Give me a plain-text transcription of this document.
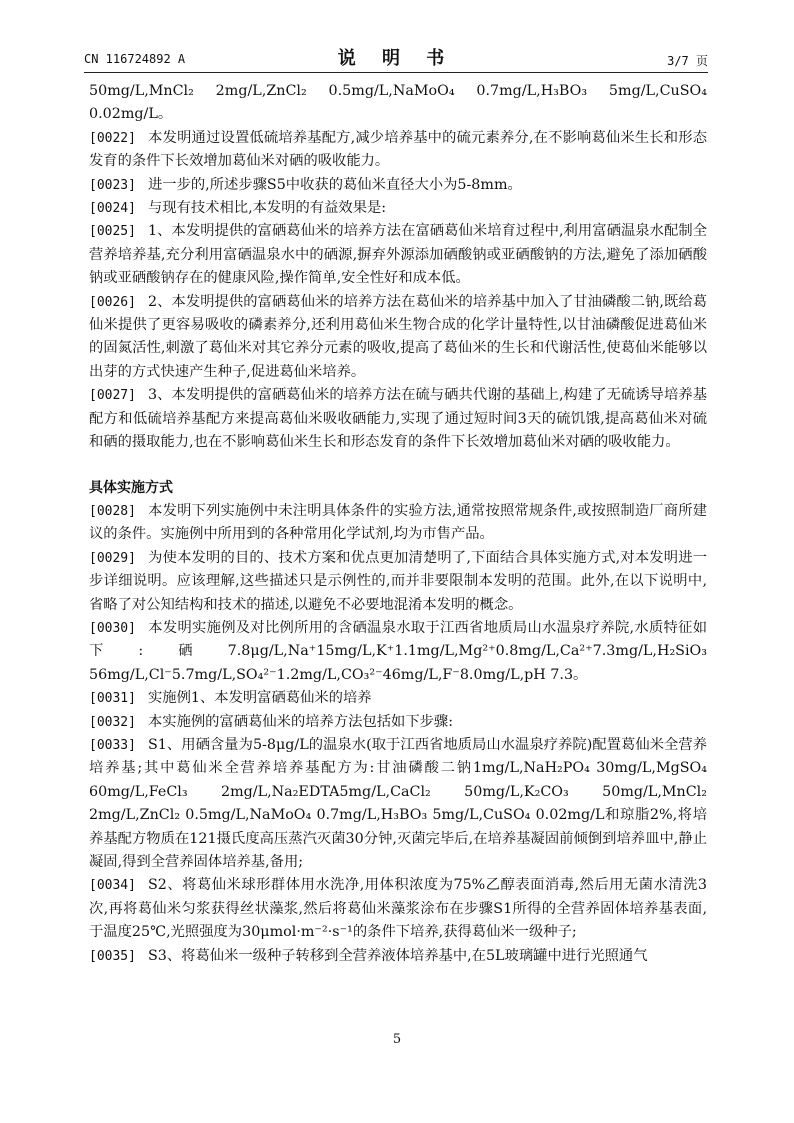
CN 116724892 A	说 明 书	3/7 页

50mg/L,MnCl₂ 2mg/L,ZnCl₂ 0.5mg/L,NaMoO₄ 0.7mg/L,H₃BO₃ 5mg/L,CuSO₄ 0.02mg/L。

[0022] 本发明通过设置低硫培养基配方,减少培养基中的硫元素养分,在不影响葛仙米生长和形态发育的条件下长效增加葛仙米对硒的吸收能力。

[0023] 进一步的,所述步骤S5中收获的葛仙米直径大小为5-8mm。

[0024] 与现有技术相比,本发明的有益效果是:

[0025] 1、本发明提供的富硒葛仙米的培养方法在富硒葛仙米培育过程中,利用富硒温泉水配制全营养培养基,充分利用富硒温泉水中的硒源,摒弃外源添加硒酸钠或亚硒酸钠的方法,避免了添加硒酸钠或亚硒酸钠存在的健康风险,操作简单,安全性好和成本低。

[0026] 2、本发明提供的富硒葛仙米的培养方法在葛仙米的培养基中加入了甘油磷酸二钠,既给葛仙米提供了更容易吸收的磷素养分,还利用葛仙米生物合成的化学计量特性,以甘油磷酸促进葛仙米的固氮活性,刺激了葛仙米对其它养分元素的吸收,提高了葛仙米的生长和代谢活性,使葛仙米能够以出芽的方式快速产生种子,促进葛仙米培养。

[0027] 3、本发明提供的富硒葛仙米的培养方法在硫与硒共代谢的基础上,构建了无硫诱导培养基配方和低硫培养基配方来提高葛仙米吸收硒能力,实现了通过短时间3天的硫饥饿,提高葛仙米对硫和硒的摄取能力,也在不影响葛仙米生长和形态发育的条件下长效增加葛仙米对硒的吸收能力。

具体实施方式

[0028] 本发明下列实施例中未注明具体条件的实验方法,通常按照常规条件,或按照制造厂商所建议的条件。实施例中所用到的各种常用化学试剂,均为市售产品。

[0029] 为使本发明的目的、技术方案和优点更加清楚明了,下面结合具体实施方式,对本发明进一步详细说明。应该理解,这些描述只是示例性的,而并非要限制本发明的范围。此外,在以下说明中,省略了对公知结构和技术的描述,以避免不必要地混淆本发明的概念。

[0030] 本发明实施例及对比例所用的含硒温泉水取于江西省地质局山水温泉疗养院,水质特征如下:硒7.8μg/L,Na⁺15mg/L,K⁺1.1mg/L,Mg²⁺0.8mg/L,Ca²⁺7.3mg/L,H₂SiO₃ 56mg/L,Cl⁻5.7mg/L,SO₄²⁻1.2mg/L,CO₃²⁻46mg/L,F⁻8.0mg/L,pH 7.3。

[0031] 实施例1、本发明富硒葛仙米的培养

[0032] 本实施例的富硒葛仙米的培养方法包括如下步骤:

[0033] S1、用硒含量为5-8μg/L的温泉水(取于江西省地质局山水温泉疗养院)配置葛仙米全营养培养基;其中葛仙米全营养培养基配方为:甘油磷酸二钠1mg/L,NaH₂PO₄ 30mg/L,MgSO₄ 60mg/L,FeCl₃ 2mg/L,Na₂EDTA5mg/L,CaCl₂ 50mg/L,K₂CO₃ 50mg/L,MnCl₂ 2mg/L,ZnCl₂ 0.5mg/L,NaMoO₄ 0.7mg/L,H₃BO₃ 5mg/L,CuSO₄ 0.02mg/L和琼脂2%,将培养基配方物质在121摄氏度高压蒸汽灭菌30分钟,灭菌完毕后,在培养基凝固前倾倒到培养皿中,静止凝固,得到全营养固体培养基,备用;

[0034] S2、将葛仙米球形群体用水洗净,用体积浓度为75%乙醇表面消毒,然后用无菌水清洗3次,再将葛仙米匀浆获得丝状藻浆,然后将葛仙米藻浆涂布在步骤S1所得的全营养固体培养基表面,于温度25℃,光照强度为30μmol·m⁻²·s⁻¹的条件下培养,获得葛仙米一级种子;

[0035] S3、将葛仙米一级种子转移到全营养液体培养基中,在5L玻璃罐中进行光照通气

5
